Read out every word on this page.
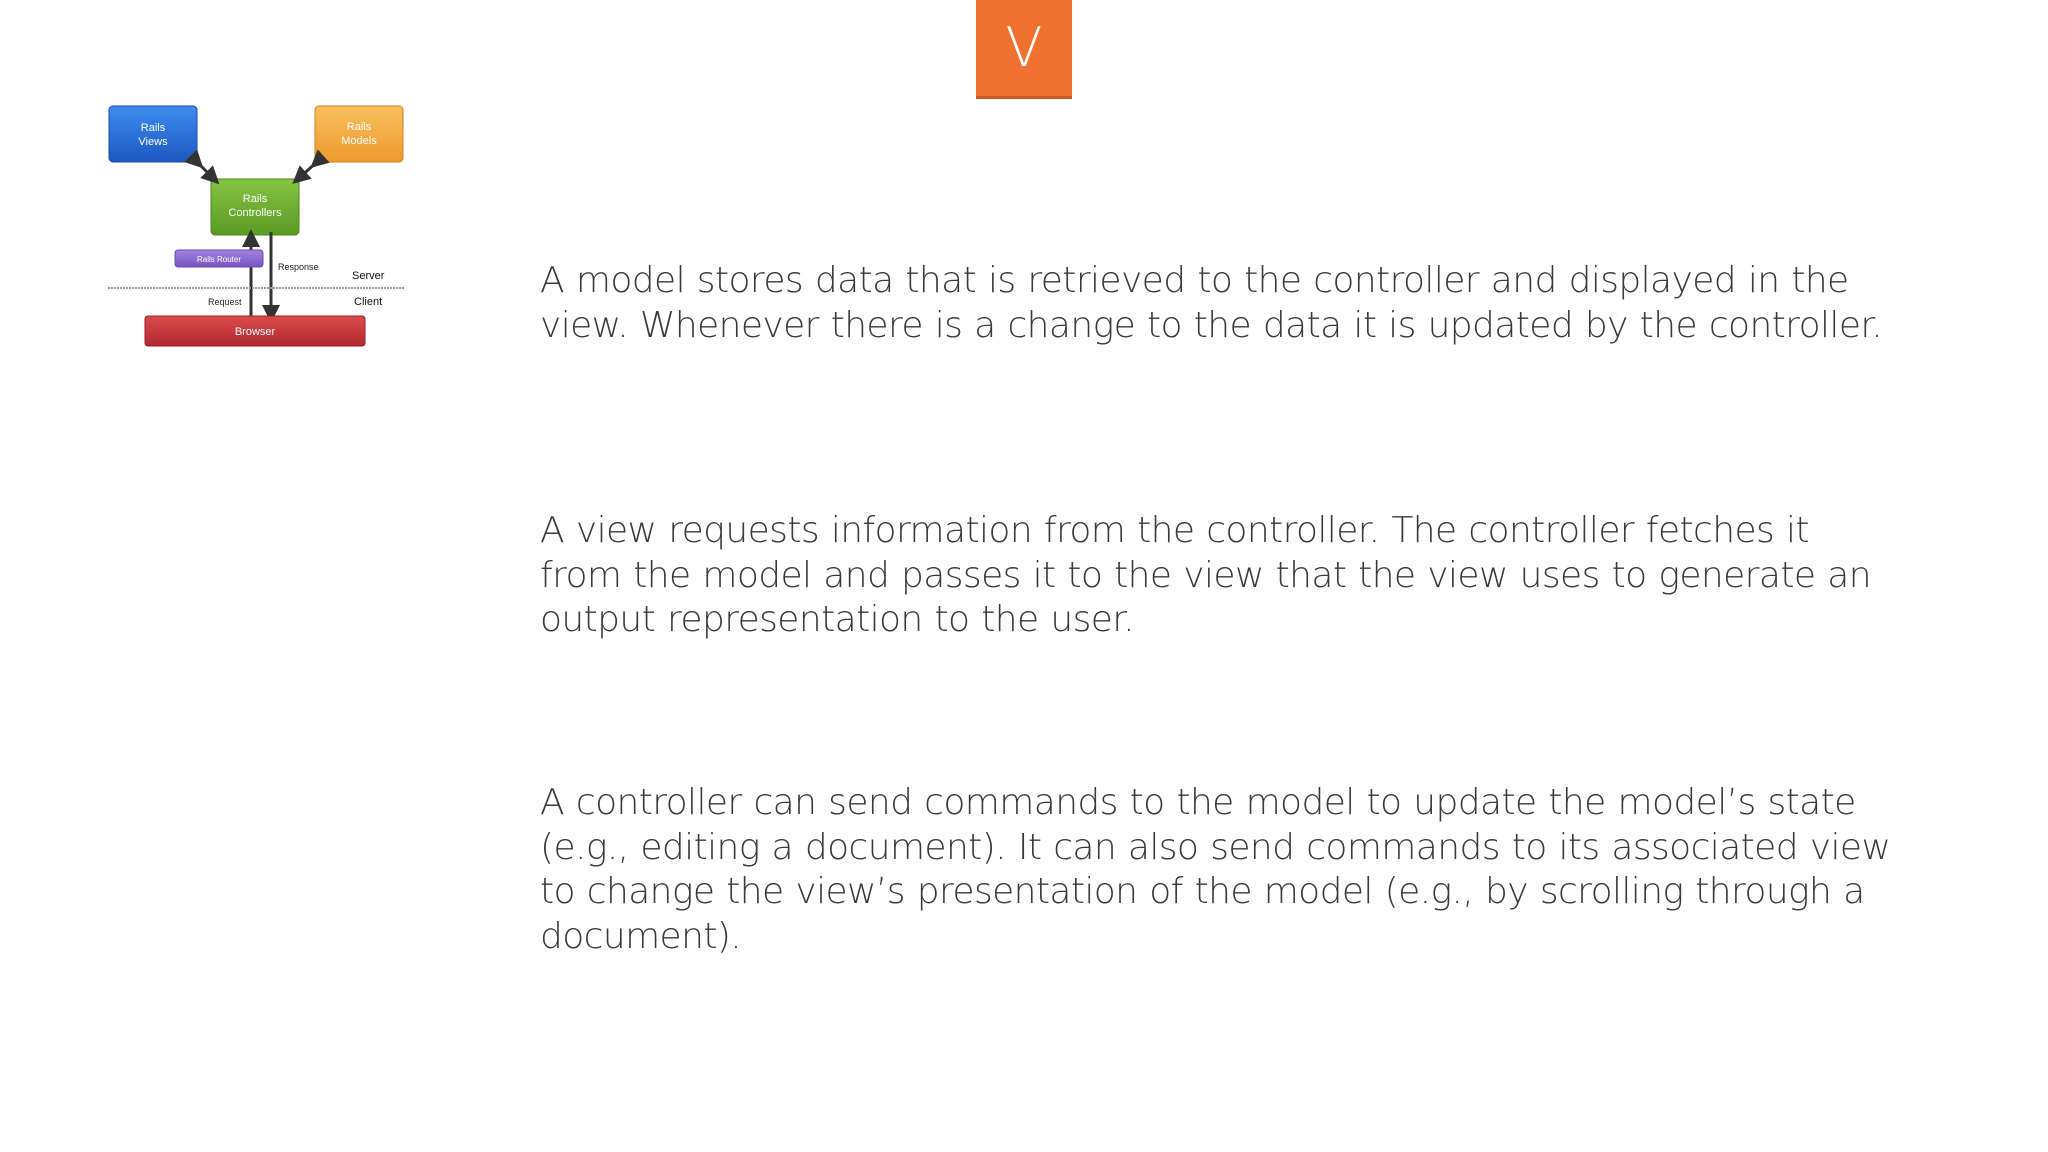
V
Rails
Views
Rails
Models
Rails
Controllers
Rails Router
Response
Server
Request	Client
Browser

A model stores data that is retrieved to the controller and displayed in the view. Whenever there is a change to the data it is updated by the controller.

A view requests information from the controller. The controller fetches it from the model and passes it to the view that the view uses to generate an output representation to the user.

A controller can send commands to the model to update the model’s state (e.g., editing a document). It can also send commands to its associated view to change the view’s presentation of the model (e.g., by scrolling through a document).
